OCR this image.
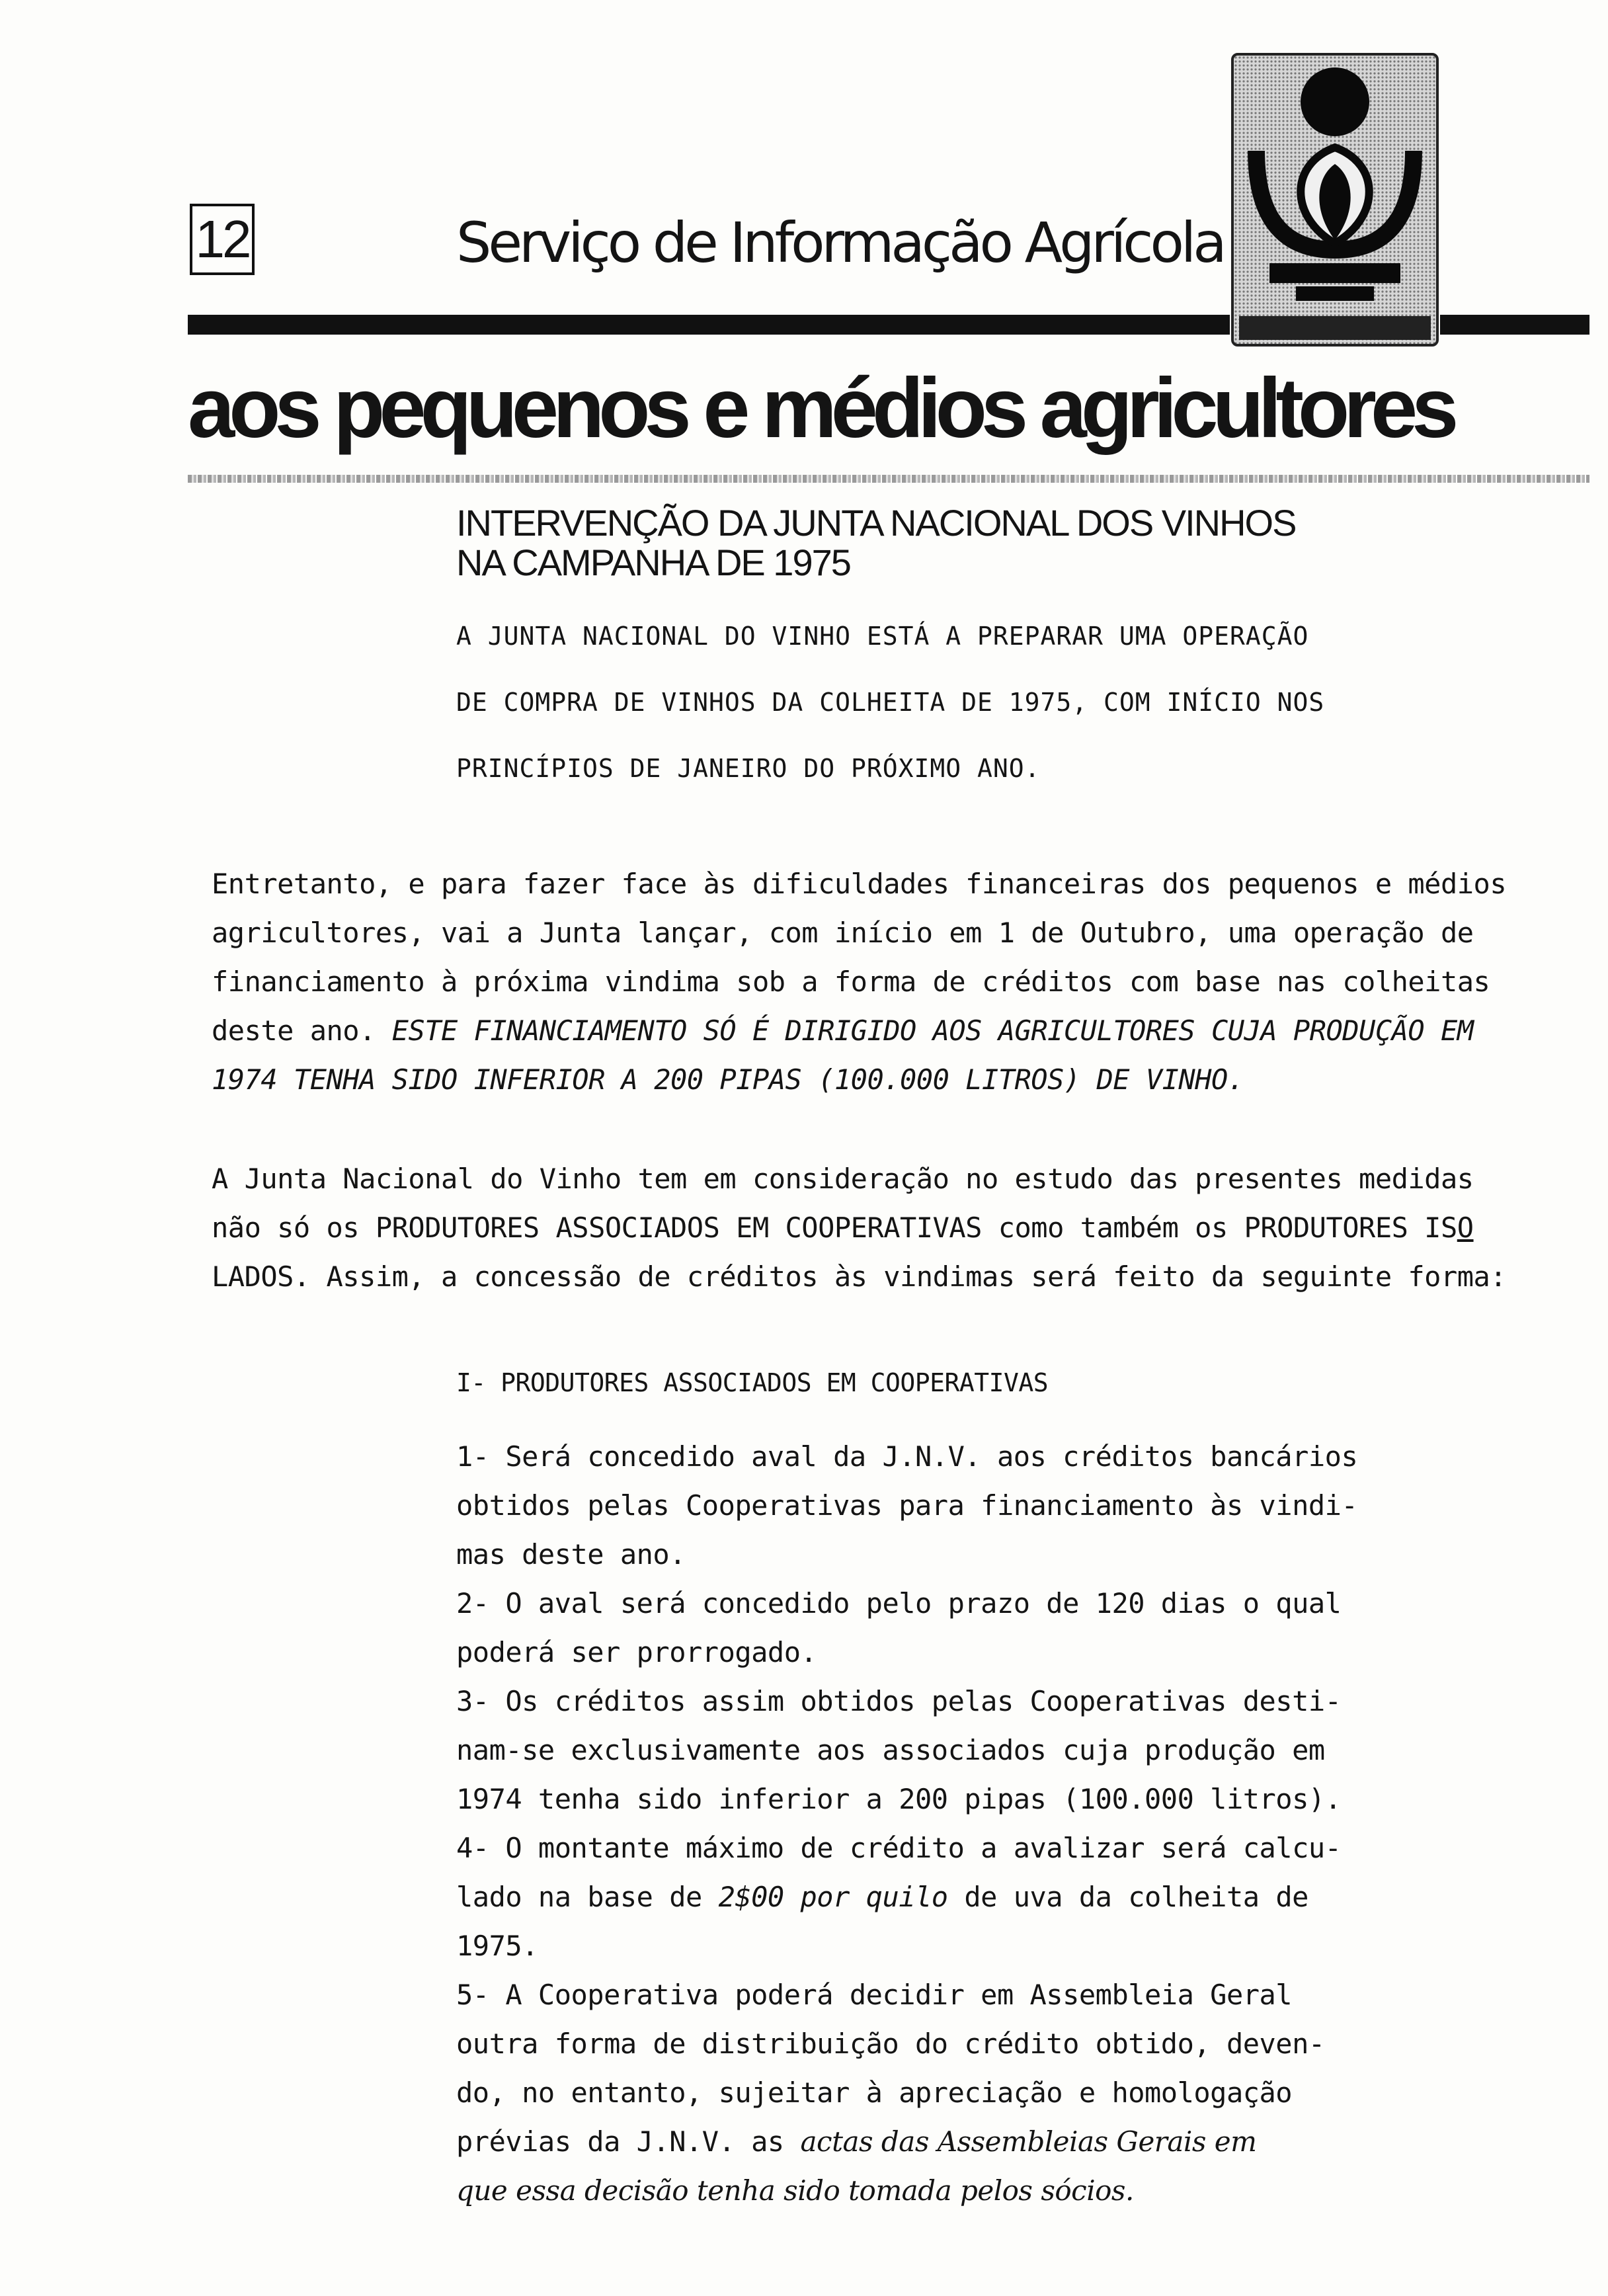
12	Serviço de Informação Agrícola
aos pequenos e médios agricultores
INTERVENÇÃO DA JUNTA NACIONAL DOS VINHOS
NA CAMPANHA DE 1975
A JUNTA NACIONAL DO VINHO ESTÁ A PREPARAR UMA OPERAÇÃO
DE COMPRA DE VINHOS DA COLHEITA DE 1975, COM INÍCIO NOS
PRINCÍPIOS DE JANEIRO DO PRÓXIMO ANO.
Entretanto, e para fazer face às dificuldades financeiras dos pequenos e médios
agricultores, vai a Junta lançar, com início em 1 de Outubro, uma operação de
financiamento à próxima vindima sob a forma de créditos com base nas colheitas
deste ano. ESTE FINANCIAMENTO SÓ É DIRIGIDO AOS AGRICULTORES CUJA PRODUÇÃO EM
1974 TENHA SIDO INFERIOR A 200 PIPAS (100.000 LITROS) DE VINHO.
A Junta Nacional do Vinho tem em consideração no estudo das presentes medidas
não só os PRODUTORES ASSOCIADOS EM COOPERATIVAS como também os PRODUTORES ISO
LADOS. Assim, a concessão de créditos às vindimas será feito da seguinte forma:
I- PRODUTORES ASSOCIADOS EM COOPERATIVAS
1- Será concedido aval da J.N.V. aos créditos bancários
obtidos pelas Cooperativas para financiamento às vindi-
mas deste ano.
2- O aval será concedido pelo prazo de 120 dias o qual
poderá ser prorrogado.
3- Os créditos assim obtidos pelas Cooperativas desti-
nam-se exclusivamente aos associados cuja produção em
1974 tenha sido inferior a 200 pipas (100.000 litros).
4- O montante máximo de crédito a avalizar será calcu-
lado na base de 2$00 por quilo de uva da colheita de
1975.
5- A Cooperativa poderá decidir em Assembleia Geral
outra forma de distribuição do crédito obtido, deven-
do, no entanto, sujeitar à apreciação e homologação
prévias da J.N.V. as actas das Assembleias Gerais em
que essa decisão tenha sido tomada pelos sócios.
